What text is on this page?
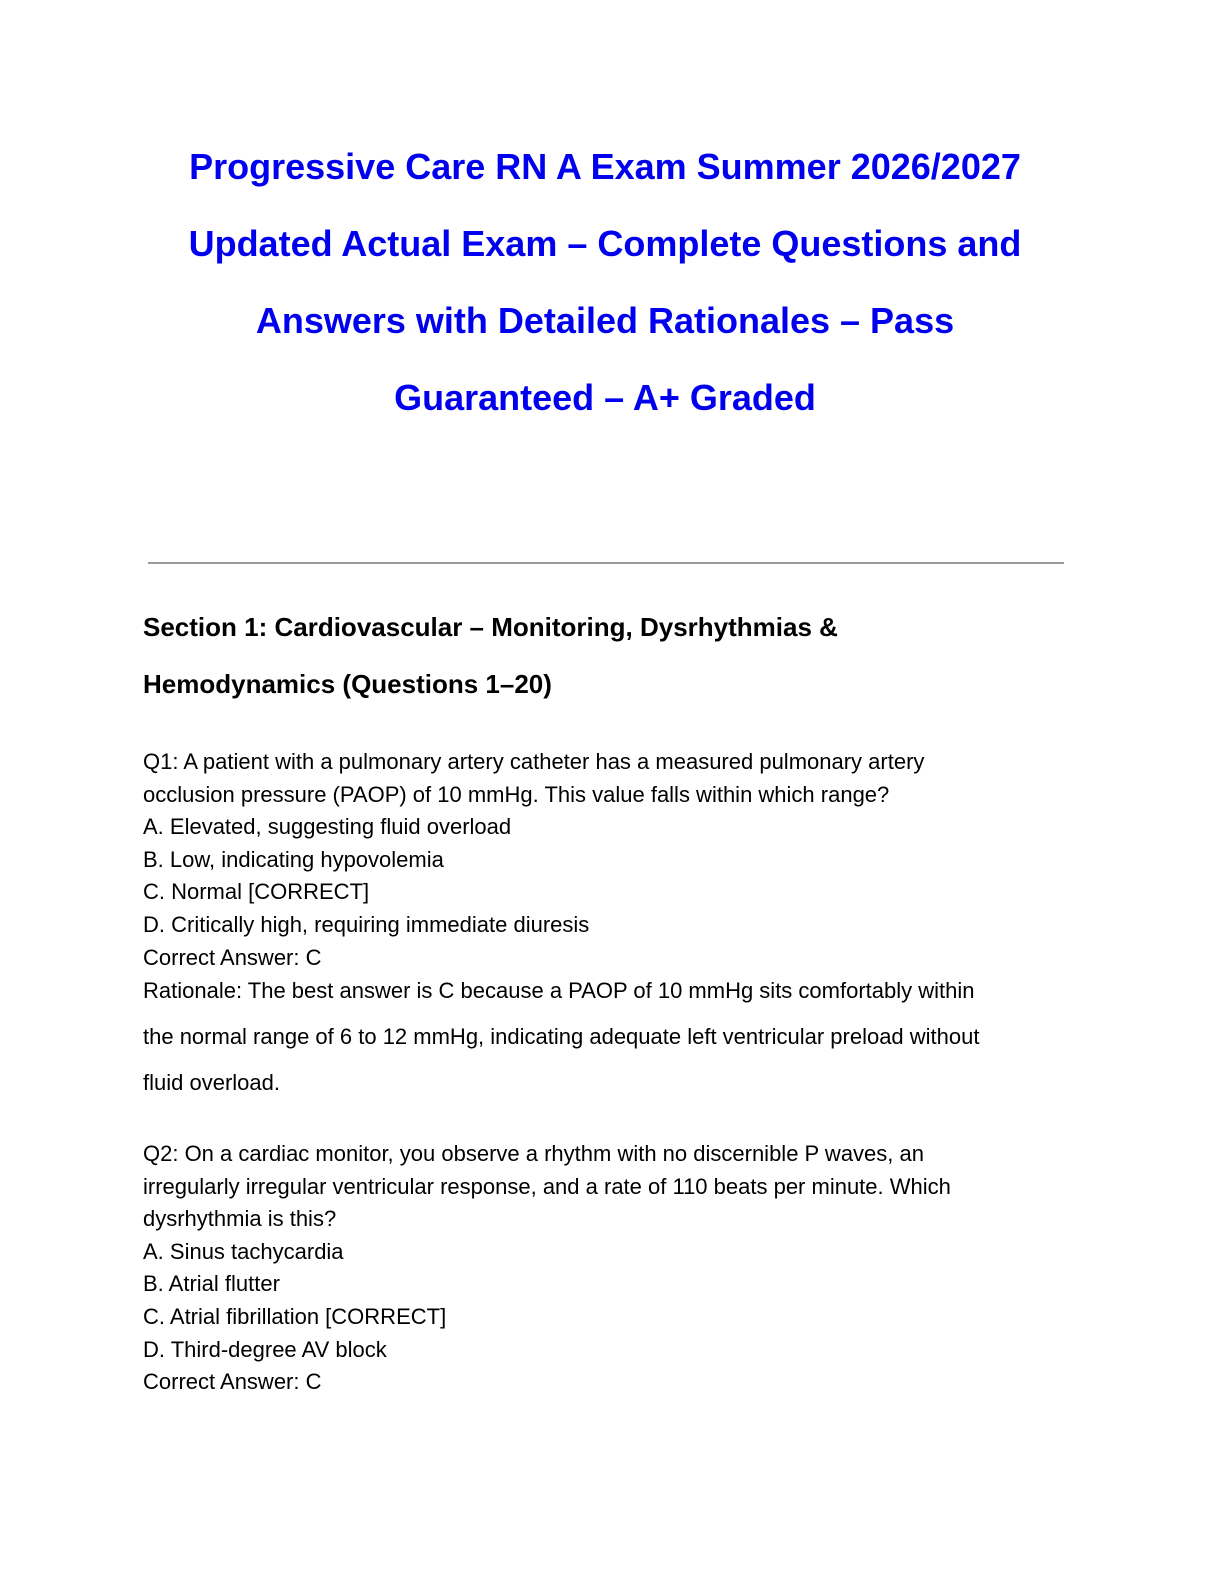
Progressive Care RN A Exam Summer 2026/2027
Updated Actual Exam – Complete Questions and
Answers with Detailed Rationales – Pass
Guaranteed – A+ Graded
Section 1: Cardiovascular – Monitoring, Dysrhythmias &
Hemodynamics (Questions 1–20)
Q1: A patient with a pulmonary artery catheter has a measured pulmonary artery
occlusion pressure (PAOP) of 10 mmHg. This value falls within which range?
A. Elevated, suggesting fluid overload
B. Low, indicating hypovolemia
C. Normal [CORRECT]
D. Critically high, requiring immediate diuresis
Correct Answer: C
Rationale: The best answer is C because a PAOP of 10 mmHg sits comfortably within
the normal range of 6 to 12 mmHg, indicating adequate left ventricular preload without
fluid overload.
Q2: On a cardiac monitor, you observe a rhythm with no discernible P waves, an
irregularly irregular ventricular response, and a rate of 110 beats per minute. Which
dysrhythmia is this?
A. Sinus tachycardia
B. Atrial flutter
C. Atrial fibrillation [CORRECT]
D. Third-degree AV block
Correct Answer: C
